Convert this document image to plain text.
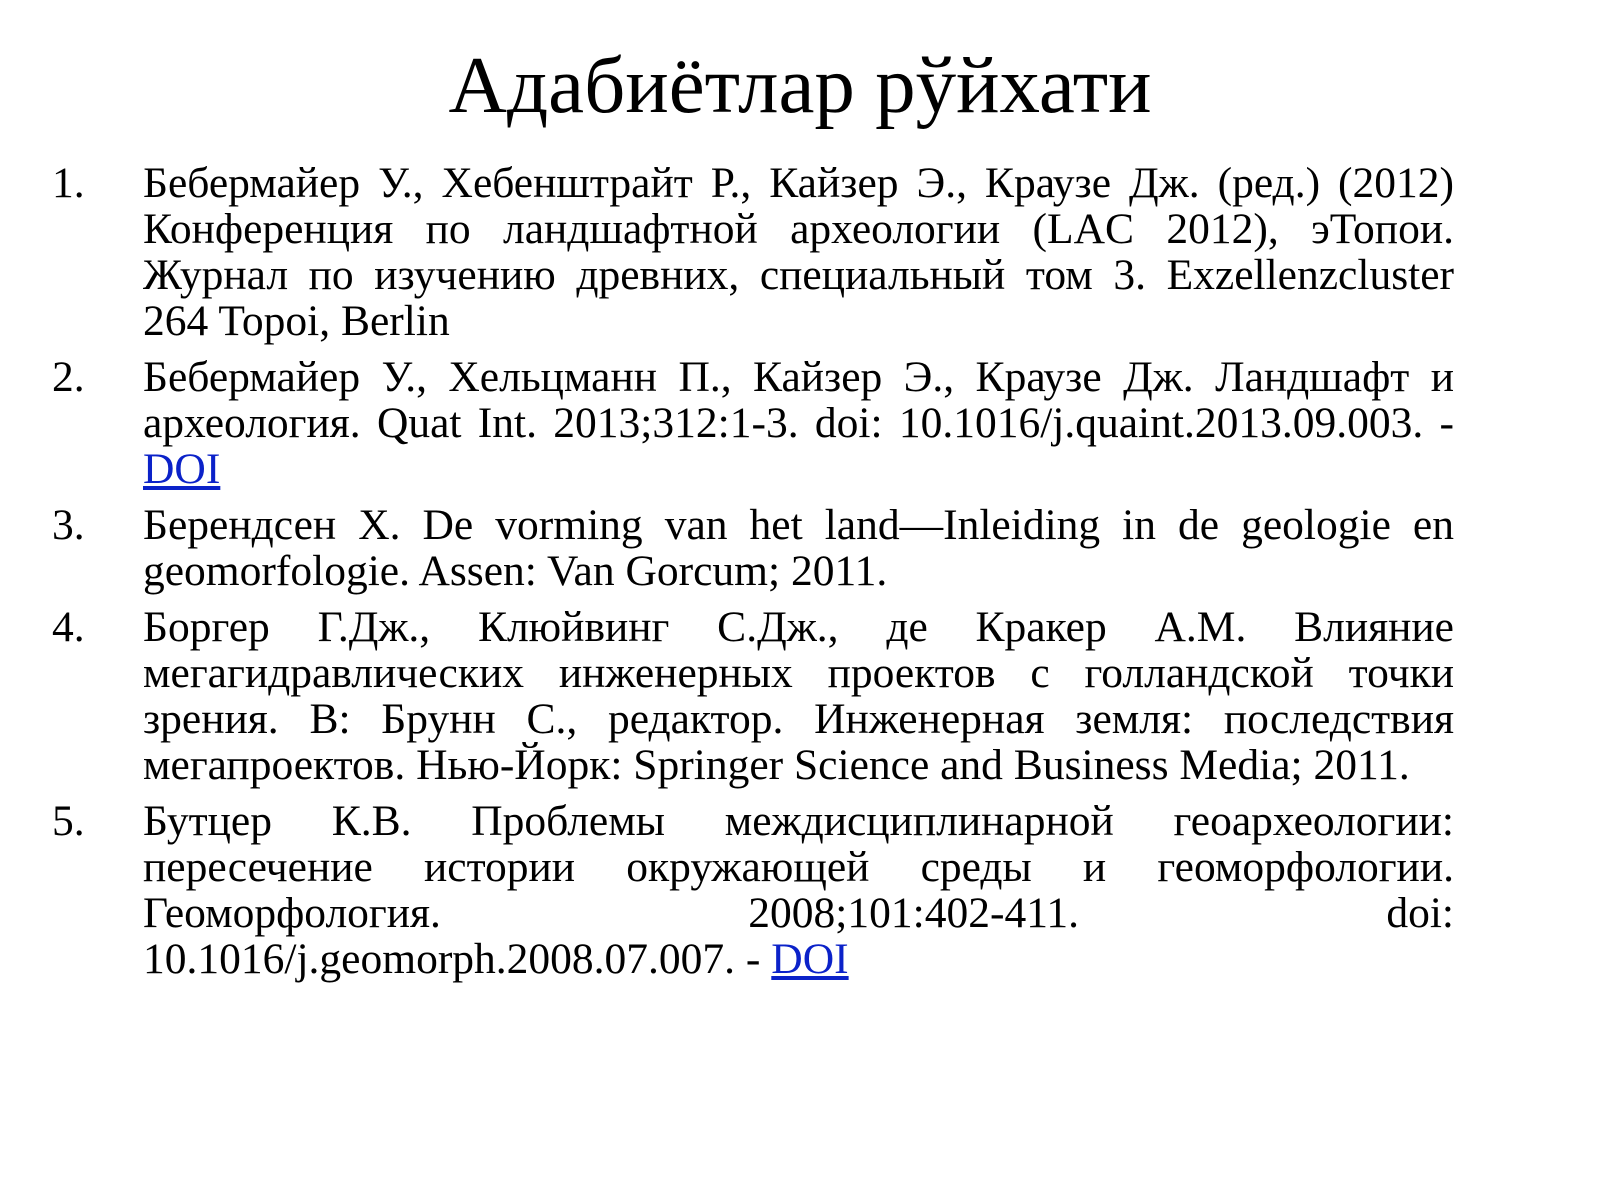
Адабиётлар рўйхати
1. Бебермайер У., Хебенштрайт Р., Кайзер Э., Краузе Дж. (ред.) (2012) Конференция по ландшафтной археологии (LAC 2012), эТопои. Журнал по изучению древних, специальный том 3. Exzellenzcluster 264 Topoi, Berlin
2. Бебермайер У., Хельцманн П., Кайзер Э., Краузе Дж. Ландшафт и археология. Quat Int. 2013;312:1-3. doi: 10.1016/j.quaint.2013.09.003. - DOI
3. Берендсен Х. De vorming van het land—Inleiding in de geologie en geomorfologie. Assen: Van Gorcum; 2011.
4. Боргер Г.Дж., Клюйвинг С.Дж., де Кракер А.М. Влияние мегагидравлических инженерных проектов с голландской точки зрения. В: Брунн С., редактор. Инженерная земля: последствия мегапроектов. Нью-Йорк: Springer Science and Business Media; 2011.
5. Бутцер К.В. Проблемы междисциплинарной геоархеологии: пересечение истории окружающей среды и геоморфологии. Геоморфология. 2008;101:402-411. doi: 10.1016/j.geomorph.2008.07.007. - DOI
